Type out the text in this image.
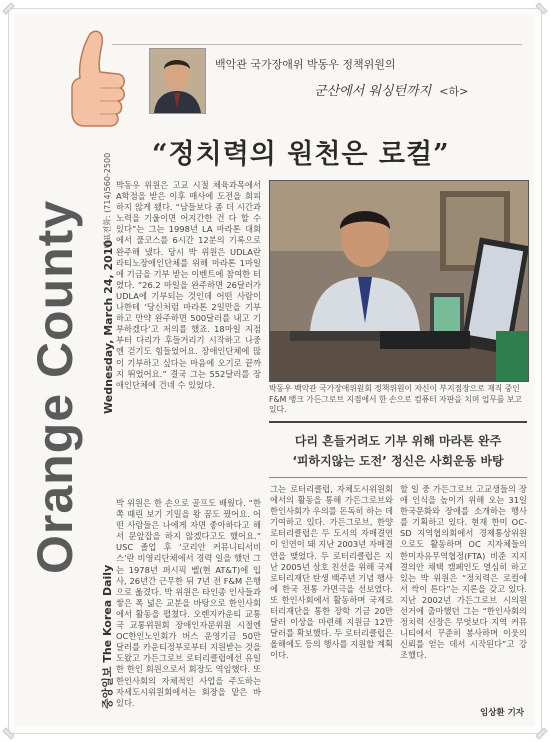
Orange County
중앙일보 The Korea Daily
Wednesday, March 24, 2010
대표전화: (714)560-2500
백악관 국가장애위 박동우 정책위원의
군산에서 워싱턴까지 <하>
“정치력의 원천은 로컬”
박동우 위원은 고교 시절 체육과목에서 A학점을 받은 이후 매사에 도전을 회피하지 않게 됐다. “남들보다 좀 더 시간과 노력을 기울이면 어지간한 건 다 할 수 있다”는 그는 1998년 LA 마라톤 대회에서 풀코스를 6시간 12분의 기록으로 완주해 냈다. 당시 박 위원은 UDLA란 라티노장애인단체를 위해 마라톤 1마일에 기금을 기부 받는 이벤트에 참여한 터였다. “26.2 마일을 완주하면 26달러가 UDLA에 기부되는 것인데 어떤 사람이 나한테 ‘당신처럼 마라톤 2일만을 기부하고 만약 완주하면 500달러를 내고 기부하겠다’고 저의를 했죠. 18마일 지점부터 다리가 후들거리기 시작하고 나중엔 걷기도 힘들었어요. 장애인단체에 많이 기부하고 싶다는 마음에 오기로 끝까지 뛰었어요.” 결국 그는 552달러를 장애인단체에 건네 수 있었다.
박 위원은 한 손으로 골프도 배웠다. “한쪽 때린 보기 기밀을 왕 꿈도 꿨어요. 어떤 사람들은 나에게 자면 좋아하다고 해서 문앞잡을 하지 않겠다고도 했어요.” USC 졸업 후 ‘코리안 커뮤니티서비스’란 비영리단체에서 경력 일을 했던 그는 1978년 퍼시픽 벨(현 AT&T)에 입사, 26년간 근무한 뒤 7년 전 F&M 은행으로 옮겼다. 박 위원은 타인종 인사들과 쌓은 폭 넓은 교분을 바탕으로 한인사회 에서 활동을 펼쳤다. 오렌지카운티 교통국 교통위원회 장애인자문위원 시절엔 OC한인노인회가 버스 운영기금 50만 달러를 카운티정부로부터 지원받는 것을 도왔고 가든그로브 로터리클럽에선 유일한 한인 회원으로서 회장도 역임했다. 또 한인사회의 자체적인 사업을 주도하는 자세도시위원회에서는 회장을 맡은 바 있다.
박동우 백악관 국가장애위원회 정책위원이 자신이 부지점장으로 재직 중인 F&M 뱅크 가든그로브 지점에서 한 손으로 컴퓨터 자판을 치며 업무를 보고 있다.
다리 흔들거려도 기부 위해 마라톤 완주
‘피하지않는 도전’ 정신은 사회운동 바탕
그는 로터리클럽, 자체도시위원회에서의 활동을 통해 가든그로브와 한인사회가 우의를 돈독히 하는 데 기여하고 있다. 가든그로브, 한양 로터리클럽은 두 도시의 자매결연이 인연이 돼 지난 2003년 자매결연을 맺었다. 두 로터리클럽은 지난 2005년 상호 친선을 위해 국제로터리재단 탄생 백주년 기념 행사에 한국 전통 가면극을 선보였다. 또 한인사회에서 활동하며 국제로터리재단을 통한 장학 기금 20만 달러 이상을 마련해 지원금 12만 달러를 확보했다. 두 로터리클럽은 올해에도 등의 행사를 지원할 계획이다.
할 일 중 가든그로브 고교생들의 장애 인식을 높이기 위해 오는 31일 한국문화와 장애를 소개하는 행사를 기획하고 있다. 현재 한미 OC-SD 지역협의회에서 경제통상위원으로도 활동하며 OC 지자체들의 한미자유무역협정(FTA) 비준 지지 결의안 채택 캠페인도 열심히 하고 있는 박 위원은 “정치력은 로컬에서 싹이 튼다”는 지론을 갖고 있다. 지난 2002년 가든그로브 시의원 선거에 출마했던 그는 “한인사회의 정치력 신장은 무엇보다 지역 커뮤니티에서 꾸준히 봉사하며 이웃의 신뢰를 얻는 데서 시작된다”고 강조했다.
임상환 기자
